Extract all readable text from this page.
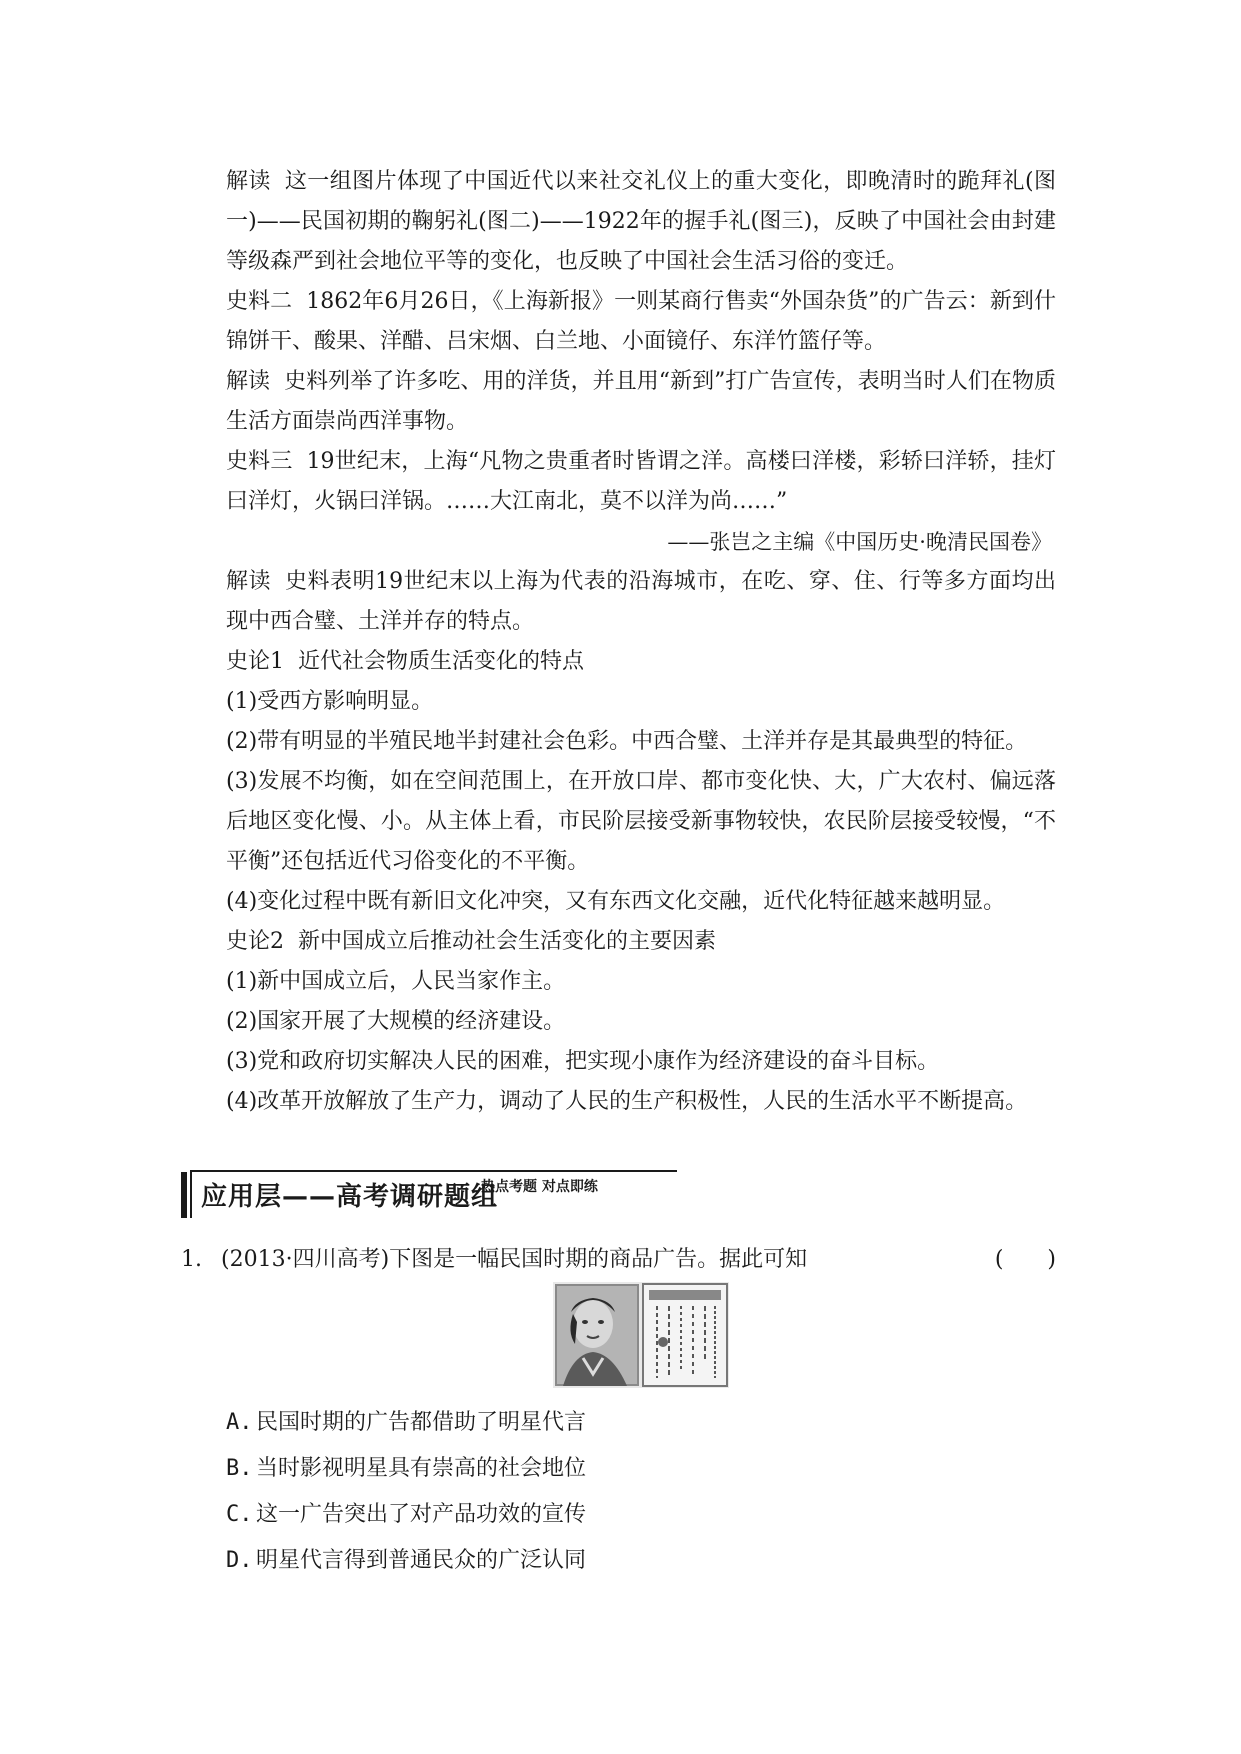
解读 这一组图片体现了中国近代以来社交礼仪上的重大变化，即晚清时的跪拜礼(图一)——民国初期的鞠躬礼(图二)——1922年的握手礼(图三)，反映了中国社会由封建等级森严到社会地位平等的变化，也反映了中国社会生活习俗的变迁。

史料二 1862年6月26日，《上海新报》一则某商行售卖“外国杂货”的广告云：新到什锦饼干、酸果、洋醋、吕宋烟、白兰地、小面镜仔、东洋竹篮仔等。

解读 史料列举了许多吃、用的洋货，并且用“新到”打广告宣传，表明当时人们在物质生活方面崇尚西洋事物。

史料三 19世纪末，上海“凡物之贵重者时皆谓之洋。高楼曰洋楼，彩轿曰洋轿，挂灯曰洋灯，火锅曰洋锅。……大江南北，莫不以洋为尚……”

——张岂之主编《中国历史·晚清民国卷》

解读 史料表明19世纪末以上海为代表的沿海城市，在吃、穿、住、行等多方面均出现中西合璧、土洋并存的特点。

史论1 近代社会物质生活变化的特点

(1)受西方影响明显。

(2)带有明显的半殖民地半封建社会色彩。中西合璧、土洋并存是其最典型的特征。

(3)发展不均衡，如在空间范围上，在开放口岸、都市变化快、大，广大农村、偏远落后地区变化慢、小。从主体上看，市民阶层接受新事物较快，农民阶层接受较慢，“不平衡”还包括近代习俗变化的不平衡。

(4)变化过程中既有新旧文化冲突，又有东西文化交融，近代化特征越来越明显。

史论2 新中国成立后推动社会生活变化的主要因素

(1)新中国成立后，人民当家作主。

(2)国家开展了大规模的经济建设。

(3)党和政府切实解决人民的困难，把实现小康作为经济建设的奋斗目标。

(4)改革开放解放了生产力，调动了人民的生产积极性，人民的生活水平不断提高。

应用层——高考调研题组
热点考题 对点即练
1. (2013·四川高考)下图是一幅民国时期的商品广告。据此可知	(　　)

A. 民国时期的广告都借助了明星代言

B. 当时影视明星具有崇高的社会地位

C. 这一广告突出了对产品功效的宣传

D. 明星代言得到普通民众的广泛认同
